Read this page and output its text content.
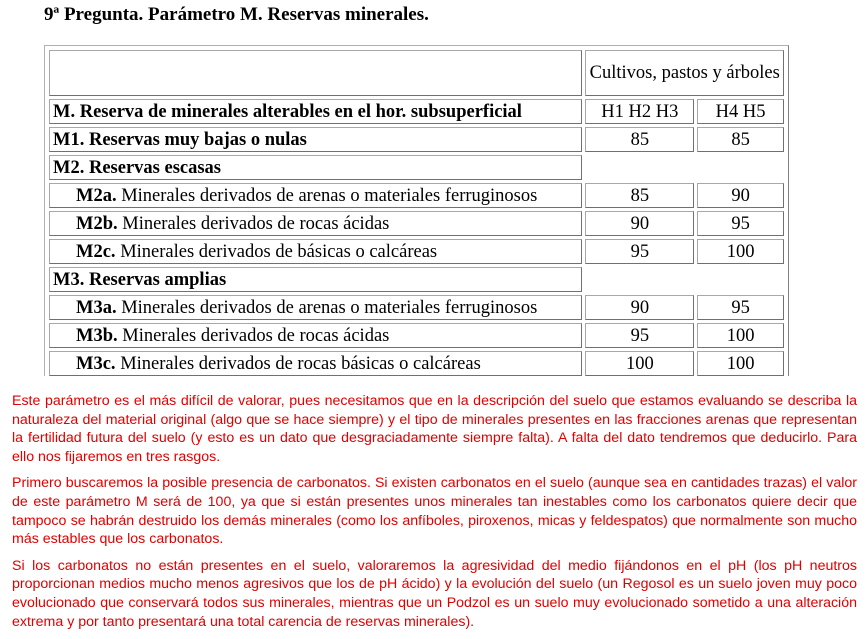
9ª Pregunta. Parámetro M. Reservas minerales.
	Cultivos, pastos y árboles	
M. Reserva de minerales alterables en el hor. subsuperficial	H1 H2 H3	H4 H5
M1. Reservas muy bajas o nulas	85	85
M2. Reservas escasas		
M2a. Minerales derivados de arenas o materiales ferruginosos	85	90
M2b. Minerales derivados de rocas ácidas	90	95
M2c. Minerales derivados de básicas o calcáreas	95	100
M3. Reservas amplias		
M3a. Minerales derivados de arenas o materiales ferruginosos	90	95
M3b. Minerales derivados de rocas ácidas	95	100
M3c. Minerales derivados de rocas básicas o calcáreas	100	100

Este parámetro es el más difícil de valorar, pues necesitamos que en la descripción del suelo que estamos evaluando se describa la naturaleza del material original (algo que se hace siempre) y el tipo de minerales presentes en las fracciones arenas que representan la fertilidad futura del suelo (y esto es un dato que desgraciadamente siempre falta). A falta del dato tendremos que deducirlo. Para ello nos fijaremos en tres rasgos.

Primero buscaremos la posible presencia de carbonatos. Si existen carbonatos en el suelo (aunque sea en cantidades trazas) el valor de este parámetro M será de 100, ya que si están presentes unos minerales tan inestables como los carbonatos quiere decir que tampoco se habrán destruido los demás minerales (como los anfíboles, piroxenos, micas y feldespatos) que normalmente son mucho más estables que los carbonatos.

Si los carbonatos no están presentes en el suelo, valoraremos la agresividad del medio fijándonos en el pH (los pH neutros proporcionan medios mucho menos agresivos que los de pH ácido) y la evolución del suelo (un Regosol es un suelo joven muy poco evolucionado que conservará todos sus minerales, mientras que un Podzol es un suelo muy evolucionado sometido a una alteración extrema y por tanto presentará una total carencia de reservas minerales).
